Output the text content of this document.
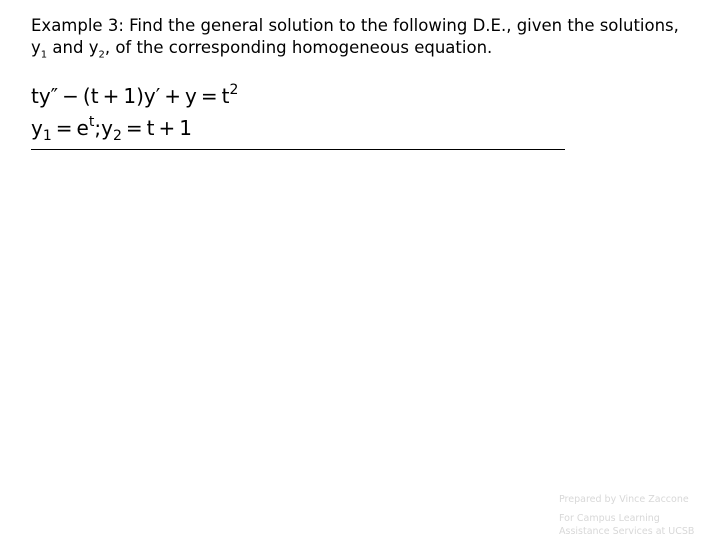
Example 3: Find the general solution to the following D.E., given the solutions, $y_1$ and $y_2$, of the corresponding homogeneous equation.

$ty'' - (t + 1)y' + y = t^2$
$y_1$ = $e^t;y_2 = t + 1$
Prepared by Vince Zaccone
For Campus Learning
Assistance Services at UCSB
